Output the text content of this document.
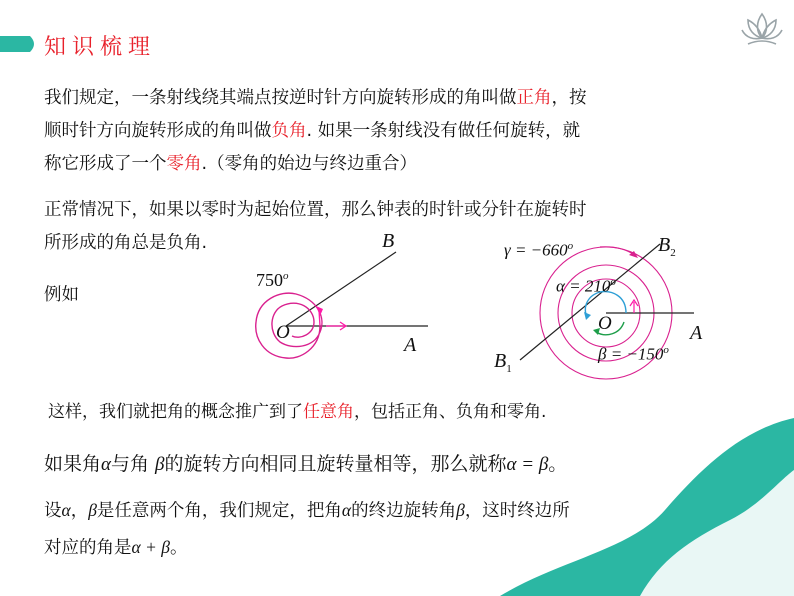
知识梳理
我们规定，一条射线绕其端点按逆时针方向旋转形成的角叫做正角，按
顺时针方向旋转形成的角叫做负角. 如果一条射线没有做任何旋转，就
称它形成了一个零角.（零角的始边与终边重合）
正常情况下，如果以零时为起始位置，那么钟表的时针或分针在旋转时
所形成的角总是负角.
例如
B
750$^o$
O
A
$\gamma = -660^o$	$B_2$
$\alpha = 210^o$
O	A
$B_1$
$\beta = -150^o$
这样，我们就把角的概念推广到了任意角，包括正角、负角和零角.
如果角α与角 β的旋转方向相同且旋转量相等，那么就称α = β。
设α，β是任意两个角，我们规定，把角α的终边旋转角β，这时终边所
对应的角是α + β。
